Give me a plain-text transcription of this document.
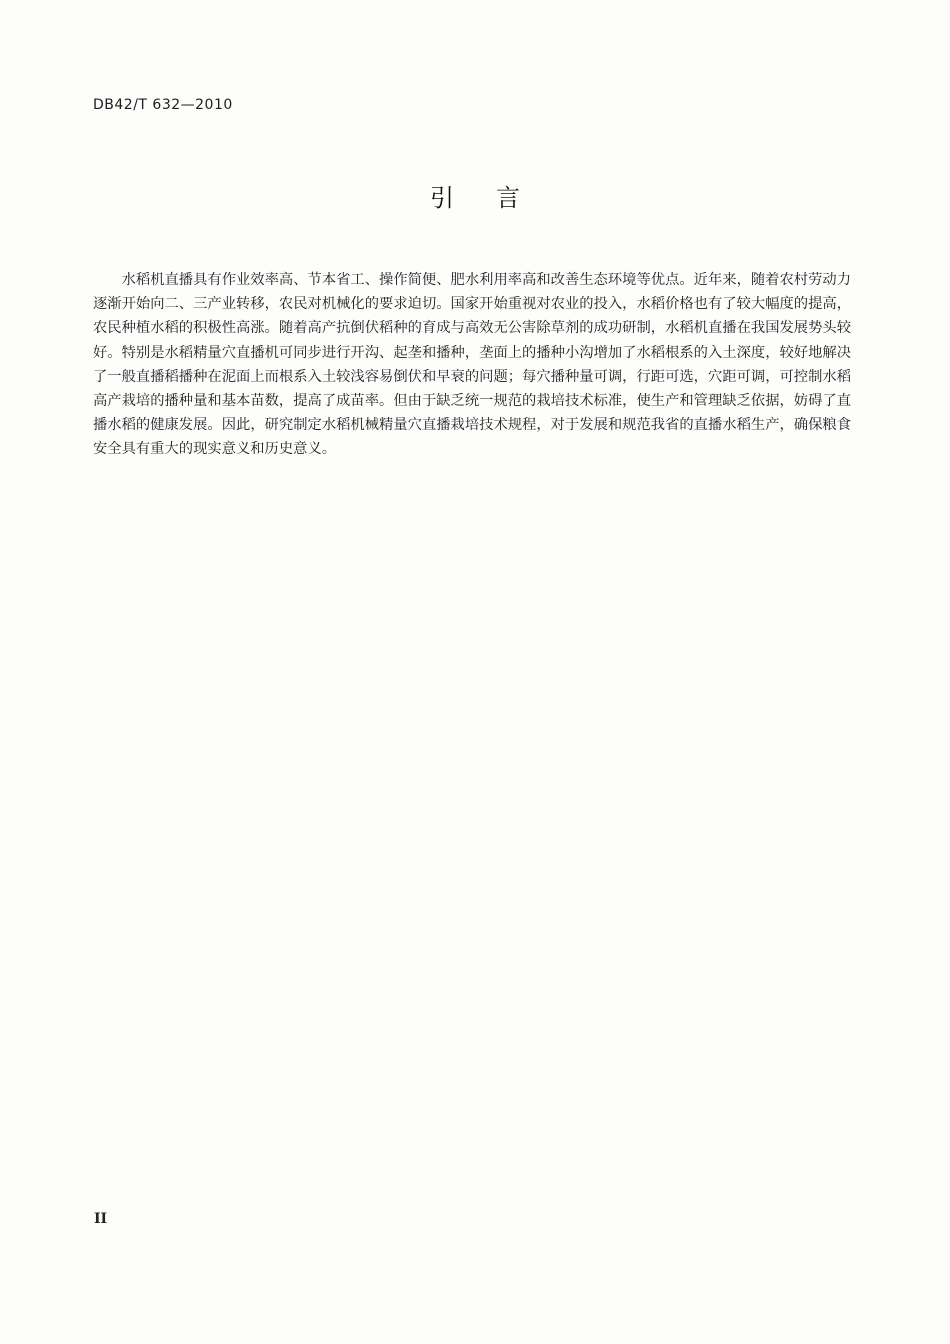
DB42/T 632—2010
引言

水稻机直播具有作业效率高、节本省工、操作简便、肥水利用率高和改善生态环境等优点。近年来，随着农村劳动力逐渐开始向二、三产业转移，农民对机械化的要求迫切。国家开始重视对农业的投入，水稻价格也有了较大幅度的提高，农民种植水稻的积极性高涨。随着高产抗倒伏稻种的育成与高效无公害除草剂的成功研制，水稻机直播在我国发展势头较好。特别是水稻精量穴直播机可同步进行开沟、起垄和播种，垄面上的播种小沟增加了水稻根系的入土深度，较好地解决了一般直播稻播种在泥面上而根系入土较浅容易倒伏和早衰的问题；每穴播种量可调，行距可选，穴距可调，可控制水稻高产栽培的播种量和基本苗数，提高了成苗率。但由于缺乏统一规范的栽培技术标准，使生产和管理缺乏依据，妨碍了直播水稻的健康发展。因此，研究制定水稻机械精量穴直播栽培技术规程，对于发展和规范我省的直播水稻生产，确保粮食安全具有重大的现实意义和历史意义。

II
